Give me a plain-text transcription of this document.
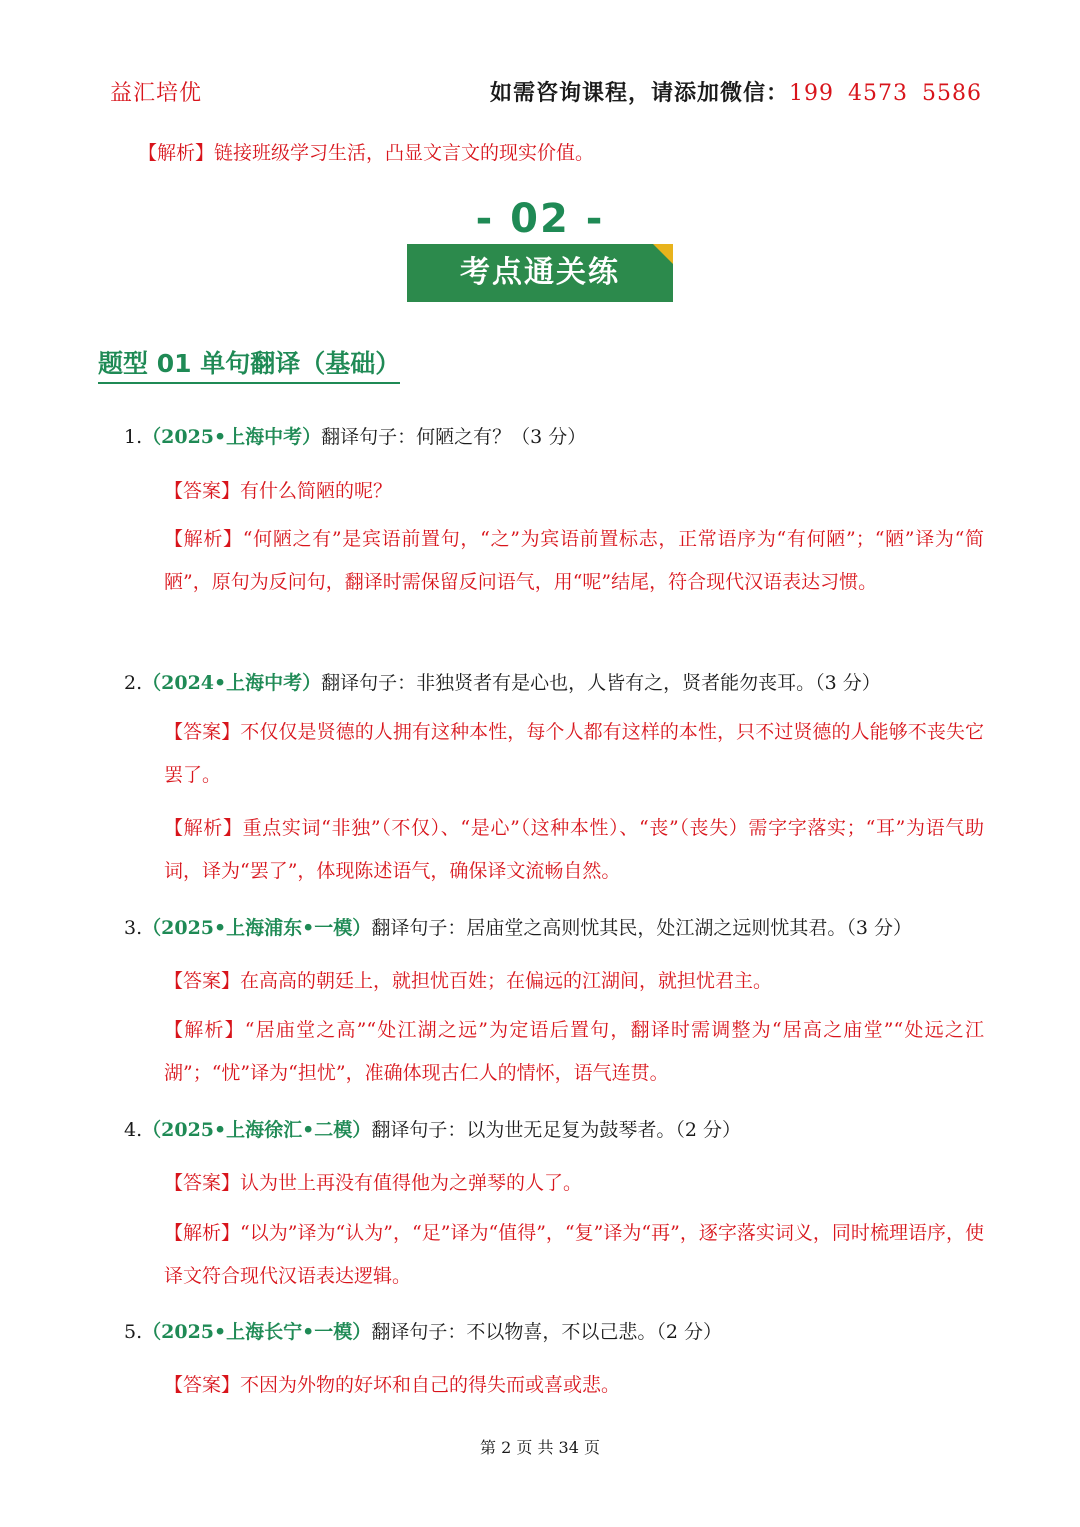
益汇培优	如需咨询课程，请添加微信：199 4573 5586
【解析】链接班级学习生活，凸显文言文的现实价值。
- 02 -
考点通关练
题型 01 单句翻译（基础）
1.（2025•上海中考）翻译句子：何陋之有？（3 分）
【答案】有什么简陋的呢？

【解析】“何陋之有”是宾语前置句，“之”为宾语前置标志，正常语序为“有何陋”；“陋”译为“简陋”，原句为反问句，翻译时需保留反问语气，用“呢”结尾，符合现代汉语表达习惯。

2.（2024•上海中考）翻译句子：非独贤者有是心也，人皆有之，贤者能勿丧耳。（3 分）

【答案】不仅仅是贤德的人拥有这种本性，每个人都有这样的本性，只不过贤德的人能够不丧失它罢了。

【解析】重点实词“非独”（不仅）、“是心”（这种本性）、“丧”（丧失）需字字落实；“耳”为语气助词，译为“罢了”，体现陈述语气，确保译文流畅自然。

3.（2025•上海浦东•一模）翻译句子：居庙堂之高则忧其民，处江湖之远则忧其君。（3 分）
【答案】在高高的朝廷上，就担忧百姓；在偏远的江湖间，就担忧君主。

【解析】“居庙堂之高”“处江湖之远”为定语后置句，翻译时需调整为“居高之庙堂”“处远之江湖”；“忧”译为“担忧”，准确体现古仁人的情怀，语气连贯。

4.（2025•上海徐汇•二模）翻译句子：以为世无足复为鼓琴者。（2 分）
【答案】认为世上再没有值得他为之弹琴的人了。

【解析】“以为”译为“认为”，“足”译为“值得”，“复”译为“再”，逐字落实词义，同时梳理语序，使译文符合现代汉语表达逻辑。

5.（2025•上海长宁•一模）翻译句子：不以物喜，不以己悲。（2 分）
【答案】不因为外物的好坏和自己的得失而或喜或悲。
第 2 页 共 34 页
